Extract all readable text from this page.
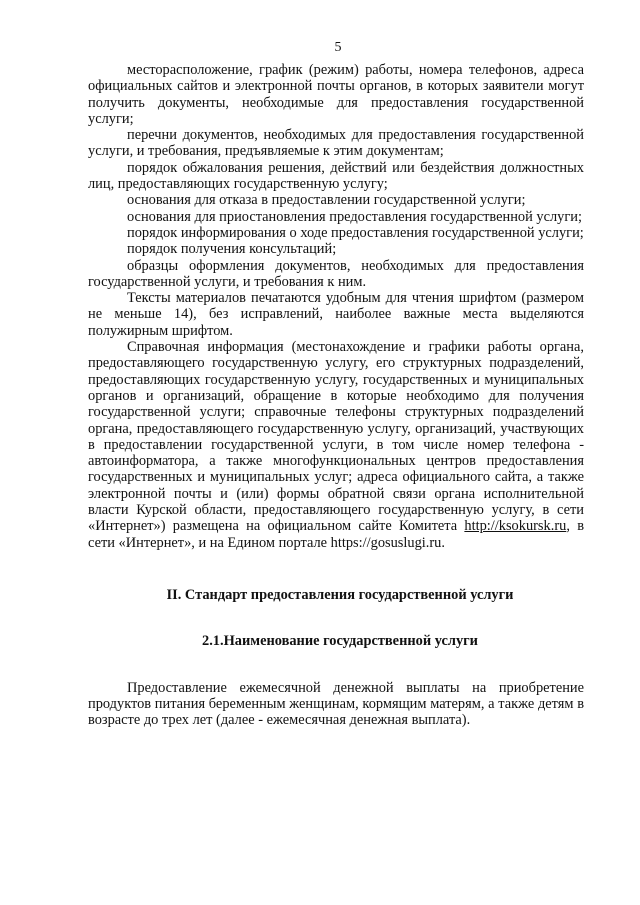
5

месторасположение, график (режим) работы, номера телефонов, адреса официальных сайтов и электронной почты органов, в которых заявители могут получить документы, необходимые для предоставления государственной услуги;

перечни документов, необходимых для предоставления государственной услуги, и требования, предъявляемые к этим документам;

порядок обжалования решения, действий или бездействия должностных лиц, предоставляющих государственную услугу;

основания для отказа в предоставлении государственной услуги;

основания для приостановления предоставления государственной услуги;

порядок информирования о ходе предоставления государственной услуги;

порядок получения консультаций;

образцы оформления документов, необходимых для предоставления государственной услуги, и требования к ним.

Тексты материалов печатаются удобным для чтения шрифтом (размером не меньше 14), без исправлений, наиболее важные места выделяются полужирным шрифтом.

Справочная информация (местонахождение и графики работы органа, предоставляющего государственную услугу, его структурных подразделений, предоставляющих государственную услугу, государственных и муниципальных органов и организаций, обращение в которые необходимо для получения государственной услуги; справочные телефоны структурных подразделений органа, предоставляющего государственную услугу, организаций, участвующих в предоставлении государственной услуги, в том числе номер телефона - автоинформатора, а также многофункциональных центров предоставления государственных и муниципальных услуг; адреса официального сайта, а также электронной почты и (или) формы обратной связи органа исполнительной власти Курской области, предоставляющего государственную услугу, в сети «Интернет») размещена на официальном сайте Комитета http://ksokursk.ru, в сети «Интернет», и на Едином портале https://gosuslugi.ru.

II. Стандарт предоставления государственной услуги
2.1.Наименование государственной услуги

Предоставление ежемесячной денежной выплаты на приобретение продуктов питания беременным женщинам, кормящим матерям, а также детям в возрасте до трех лет (далее - ежемесячная денежная выплата).
